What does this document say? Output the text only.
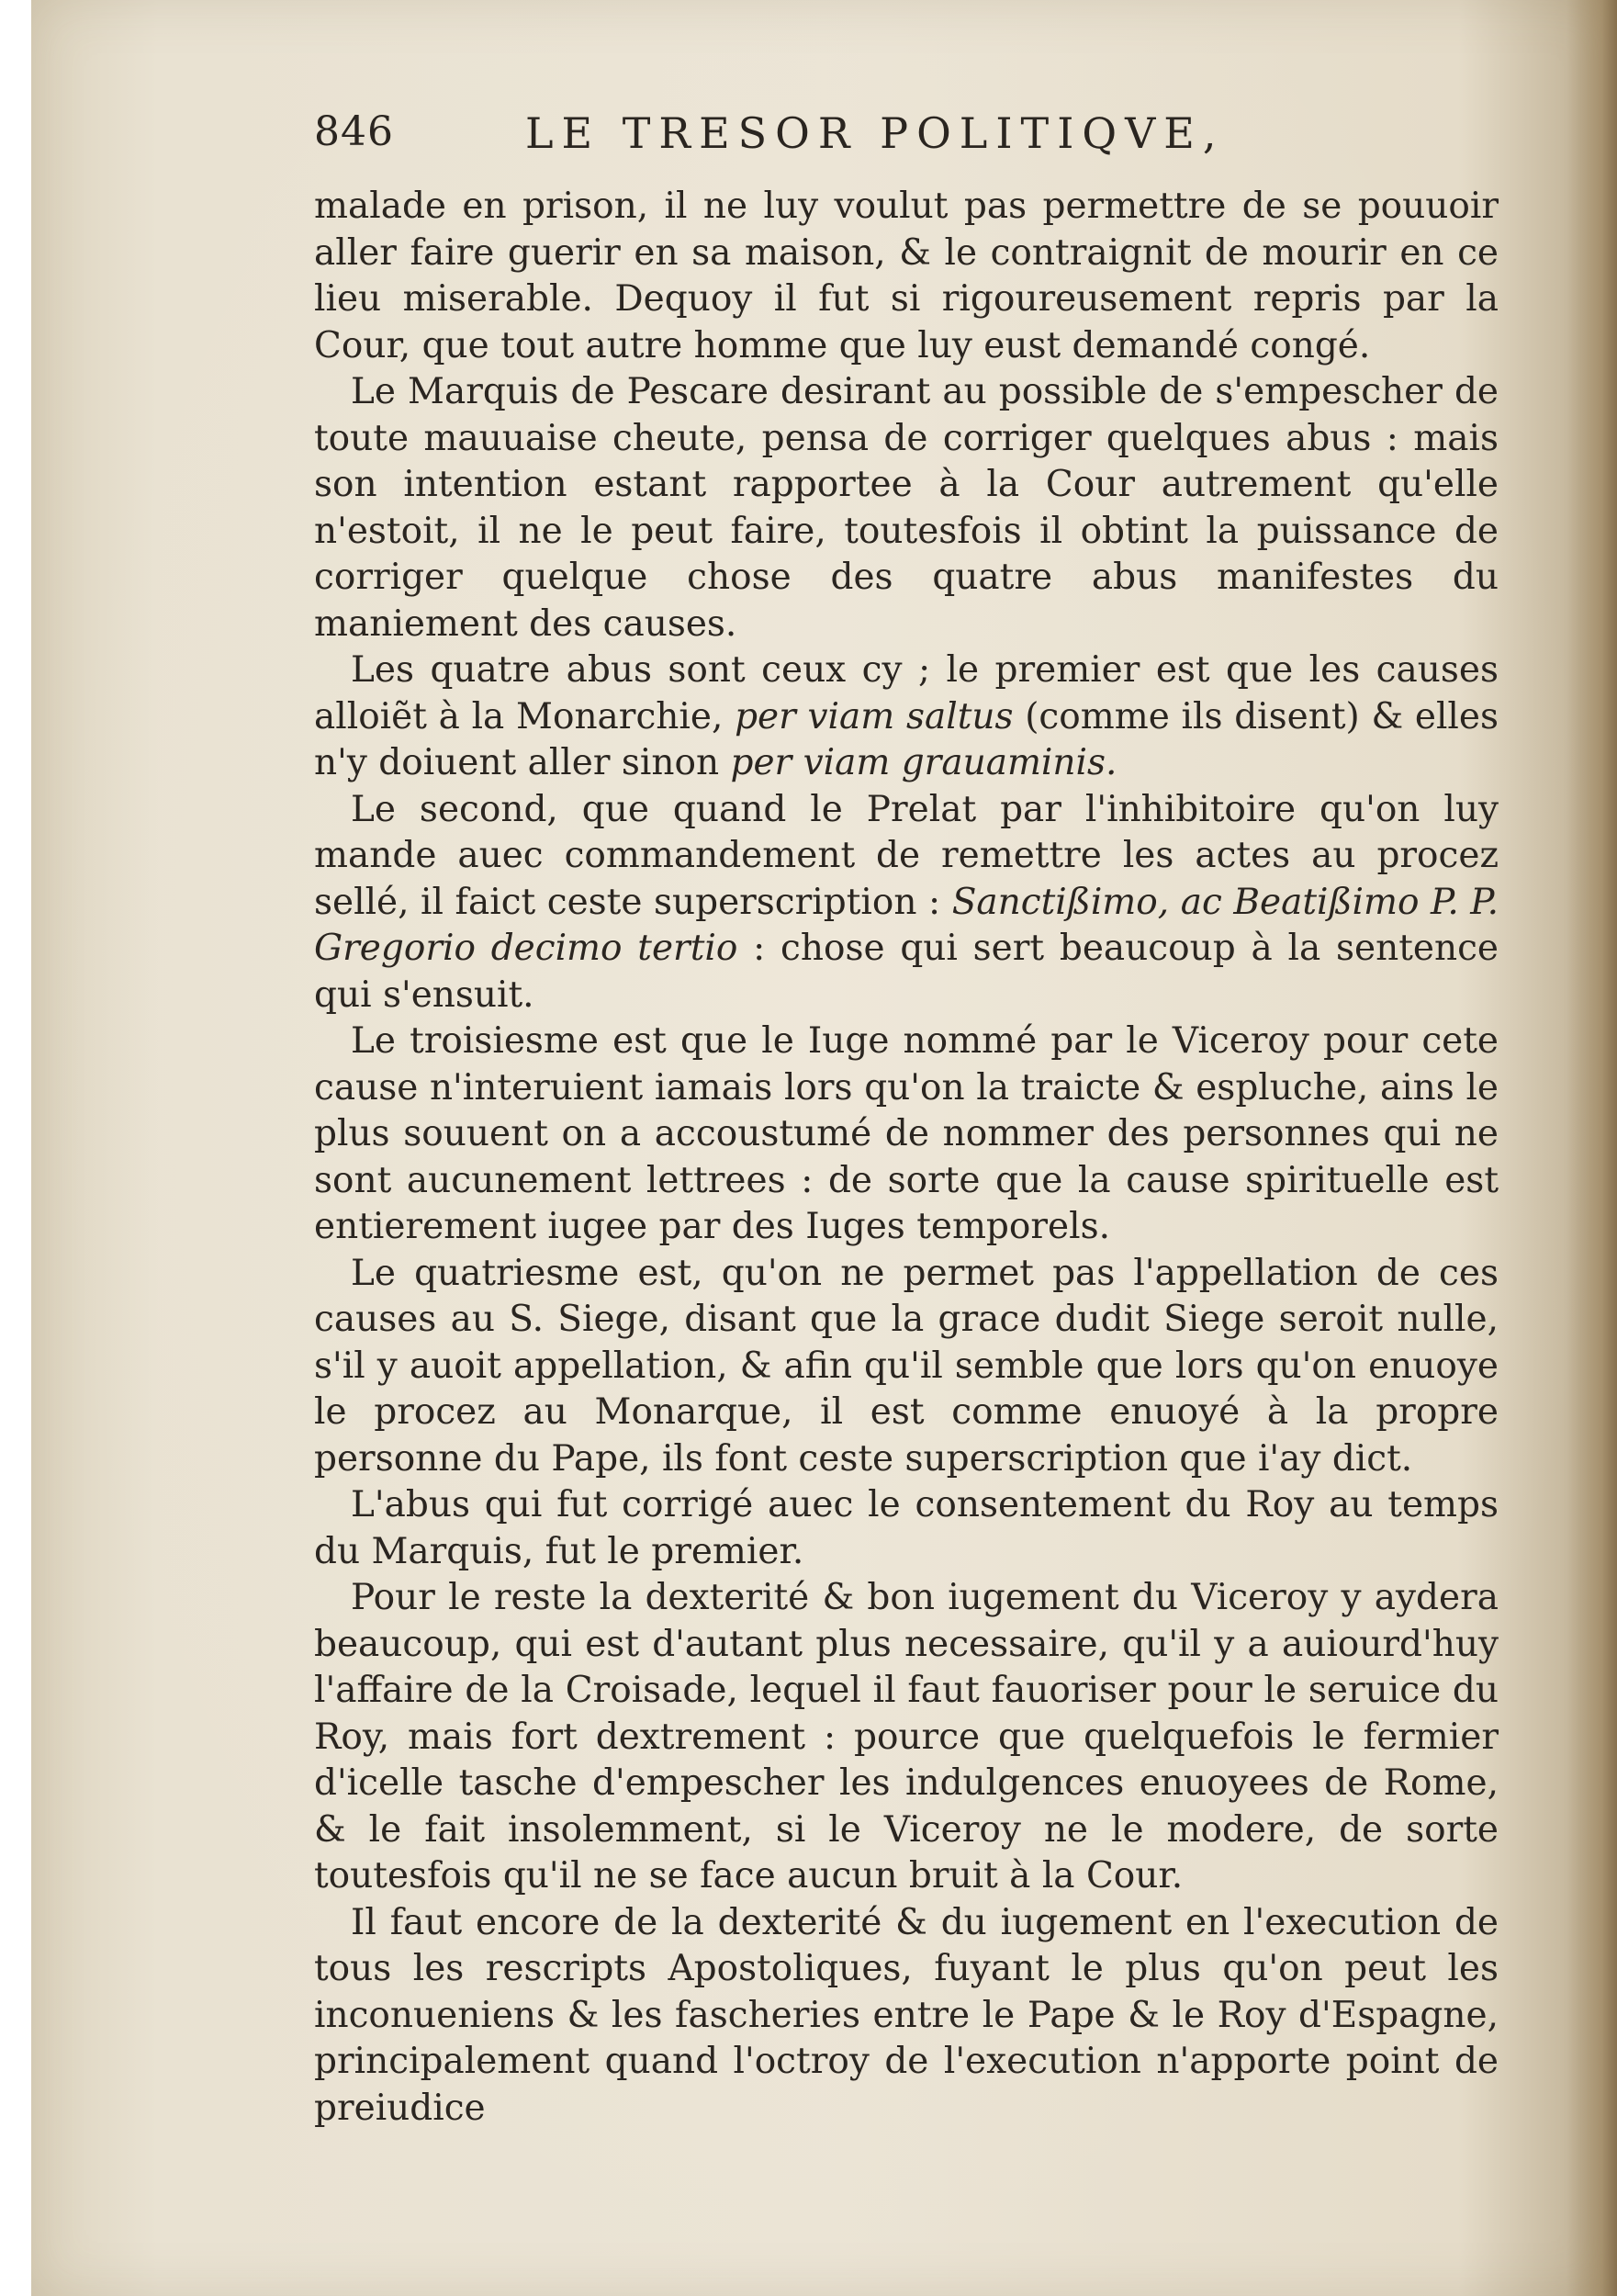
846	LE TRESOR POLITIQVE,

malade en prison, il ne luy voulut pas permettre de se pouuoir aller faire guerir en sa maison, & le contraignit de mourir en ce lieu miserable. Dequoy il fut si rigoureusement repris par la Cour, que tout autre homme que luy eust demandé congé.

Le Marquis de Pescare desirant au possible de s'empescher de toute mauuaise cheute, pensa de corriger quelques abus : mais son intention estant rapportee à la Cour autrement qu'elle n'estoit, il ne le peut faire, toutesfois il obtint la puissance de corriger quelque chose des quatre abus manifestes du maniement des causes.

Les quatre abus sont ceux cy ; le premier est que les causes alloiẽt à la Monarchie, per viam saltus (comme ils disent) & elles n'y doiuent aller sinon per viam grauaminis.

Le second, que quand le Prelat par l'inhibitoire qu'on luy mande auec commandement de remettre les actes au procez sellé, il faict ceste superscription : Sanctißimo, ac Beatißimo P. P. Gregorio decimo tertio : chose qui sert beaucoup à la sentence qui s'ensuit.

Le troisiesme est que le Iuge nommé par le Viceroy pour cete cause n'interuient iamais lors qu'on la traicte & espluche, ains le plus souuent on a accoustumé de nommer des personnes qui ne sont aucunement lettrees : de sorte que la cause spirituelle est entierement iugee par des Iuges temporels.

Le quatriesme est, qu'on ne permet pas l'appellation de ces causes au S. Siege, disant que la grace dudit Siege seroit nulle, s'il y auoit appellation, & afin qu'il semble que lors qu'on enuoye le procez au Monarque, il est comme enuoyé à la propre personne du Pape, ils font ceste superscription que i'ay dict.

L'abus qui fut corrigé auec le consentement du Roy au temps du Marquis, fut le premier.

Pour le reste la dexterité & bon iugement du Viceroy y aydera beaucoup, qui est d'autant plus necessaire, qu'il y a auiourd'huy l'affaire de la Croisade, lequel il faut fauoriser pour le seruice du Roy, mais fort dextrement : pource que quelquefois le fermier d'icelle tasche d'empescher les indulgences enuoyees de Rome, & le fait insolemment, si le Viceroy ne le modere, de sorte toutesfois qu'il ne se face aucun bruit à la Cour.

Il faut encore de la dexterité & du iugement en l'execution de tous les rescripts Apostoliques, fuyant le plus qu'on peut les inconueniens & les fascheries entre le Pape & le Roy d'Espagne, principalement quand l'octroy de l'execution n'apporte point de preiudice
